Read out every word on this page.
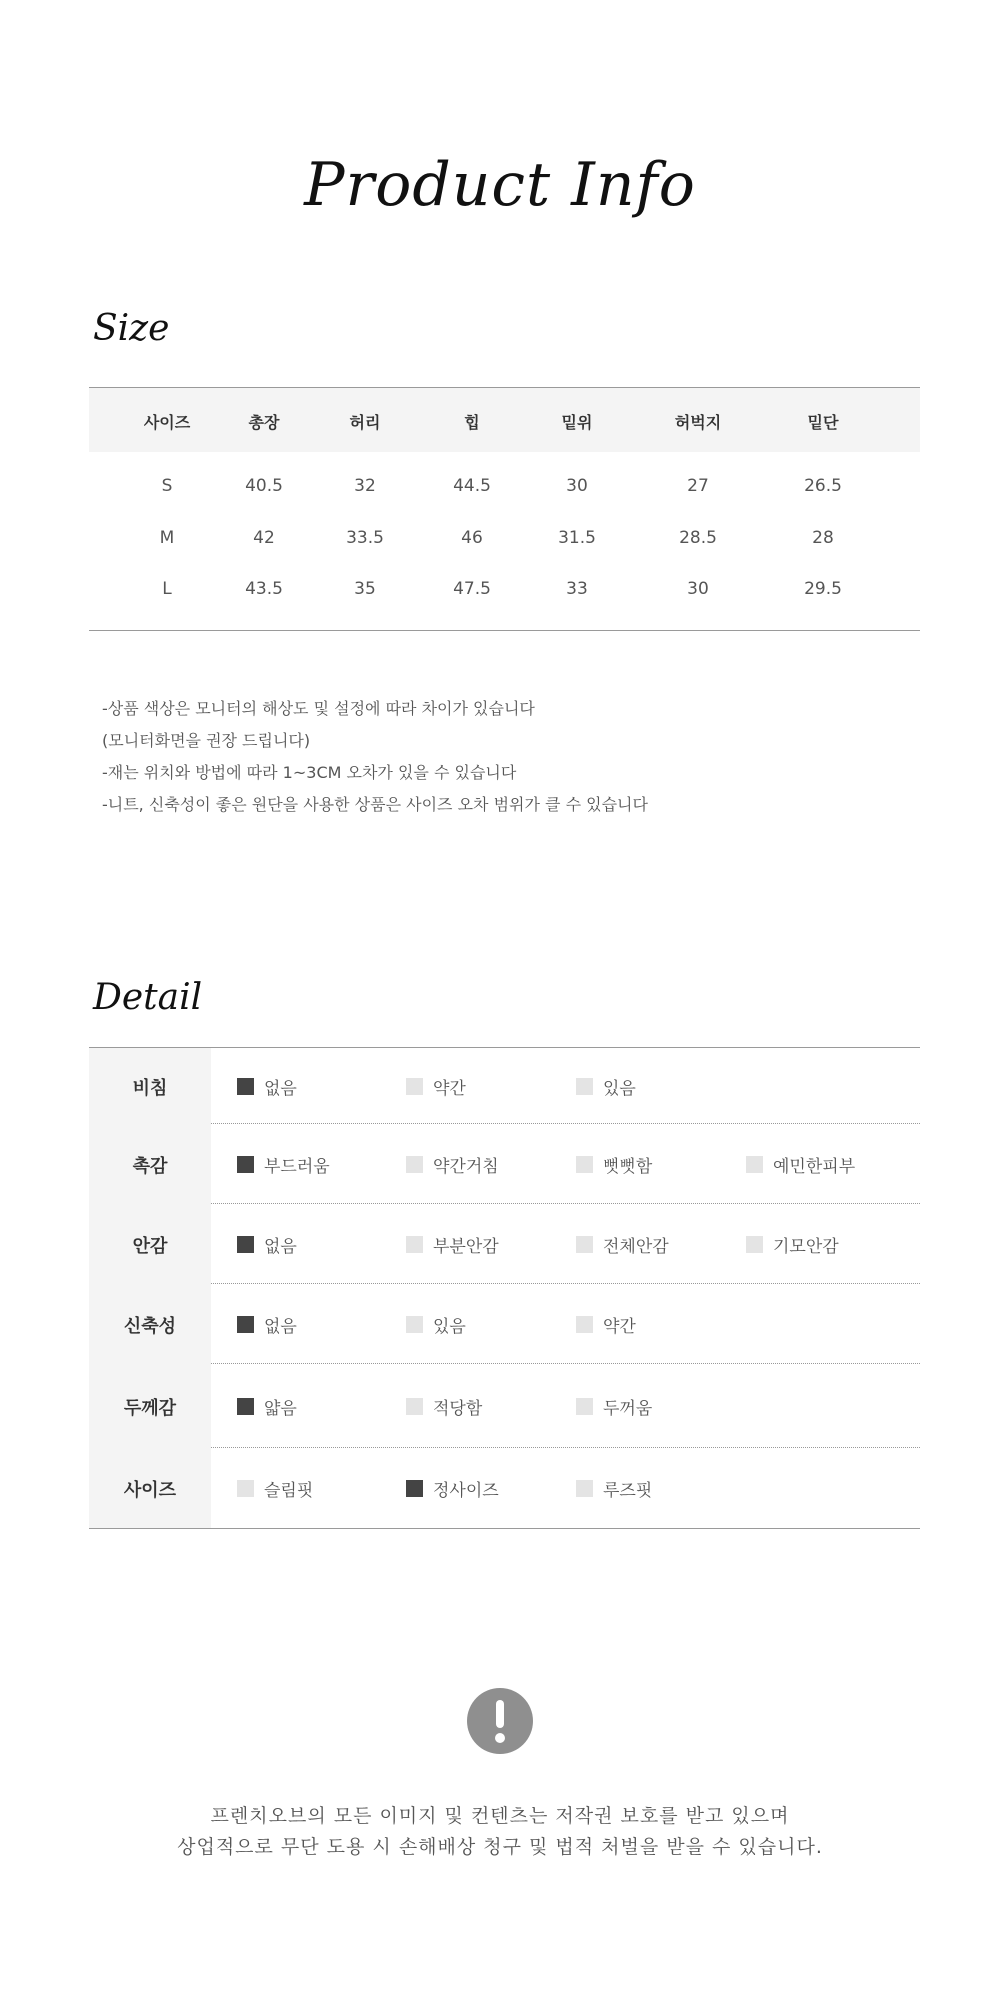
Product Info
Size
사이즈	총장	허리	힙	밑위	허벅지	밑단
S	40.5	32	44.5	30	27	26.5
M	42	33.5	46	31.5	28.5	28
L	43.5	35	47.5	33	30	29.5
-상품 색상은 모니터의 해상도 및 설정에 따라 차이가 있습니다
(모니터화면을 권장 드립니다)
-재는 위치와 방법에 따라 1~3CM 오차가 있을 수 있습니다
-니트, 신축성이 좋은 원단을 사용한 상품은 사이즈 오차 범위가 클 수 있습니다
Detail
비침	없음	약간	있음
촉감	부드러움	약간거침	뻣뻣함	예민한피부
안감	없음	부분안감	전체안감	기모안감
신축성	없음	있음	약간
두께감	얇음	적당함	두꺼움
사이즈	슬림핏	정사이즈	루즈핏
프렌치오브의 모든 이미지 및 컨텐츠는 저작권 보호를 받고 있으며
상업적으로 무단 도용 시 손해배상 청구 및 법적 처벌을 받을 수 있습니다.
